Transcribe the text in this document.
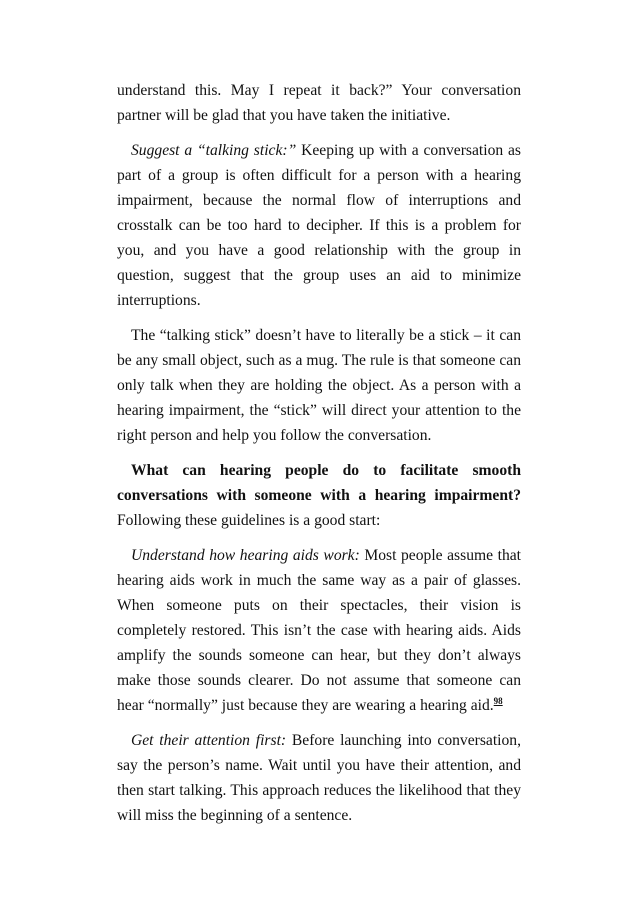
understand this. May I repeat it back?” Your conversation partner will be glad that you have taken the initiative.

Suggest a “talking stick:” Keeping up with a conversation as part of a group is often difficult for a person with a hearing impairment, because the normal flow of interruptions and crosstalk can be too hard to decipher. If this is a problem for you, and you have a good relationship with the group in question, suggest that the group uses an aid to minimize interruptions.

The “talking stick” doesn’t have to literally be a stick – it can be any small object, such as a mug. The rule is that someone can only talk when they are holding the object. As a person with a hearing impairment, the “stick” will direct your attention to the right person and help you follow the conversation.

What can hearing people do to facilitate smooth conversations with someone with a hearing impairment? Following these guidelines is a good start:

Understand how hearing aids work: Most people assume that hearing aids work in much the same way as a pair of glasses. When someone puts on their spectacles, their vision is completely restored. This isn’t the case with hearing aids. Aids amplify the sounds someone can hear, but they don’t always make those sounds clearer. Do not assume that someone can hear “normally” just because they are wearing a hearing aid.$^{98}$

Get their attention first: Before launching into conversation, say the person’s name. Wait until you have their attention, and then start talking. This approach reduces the likelihood that they will miss the beginning of a sentence.
